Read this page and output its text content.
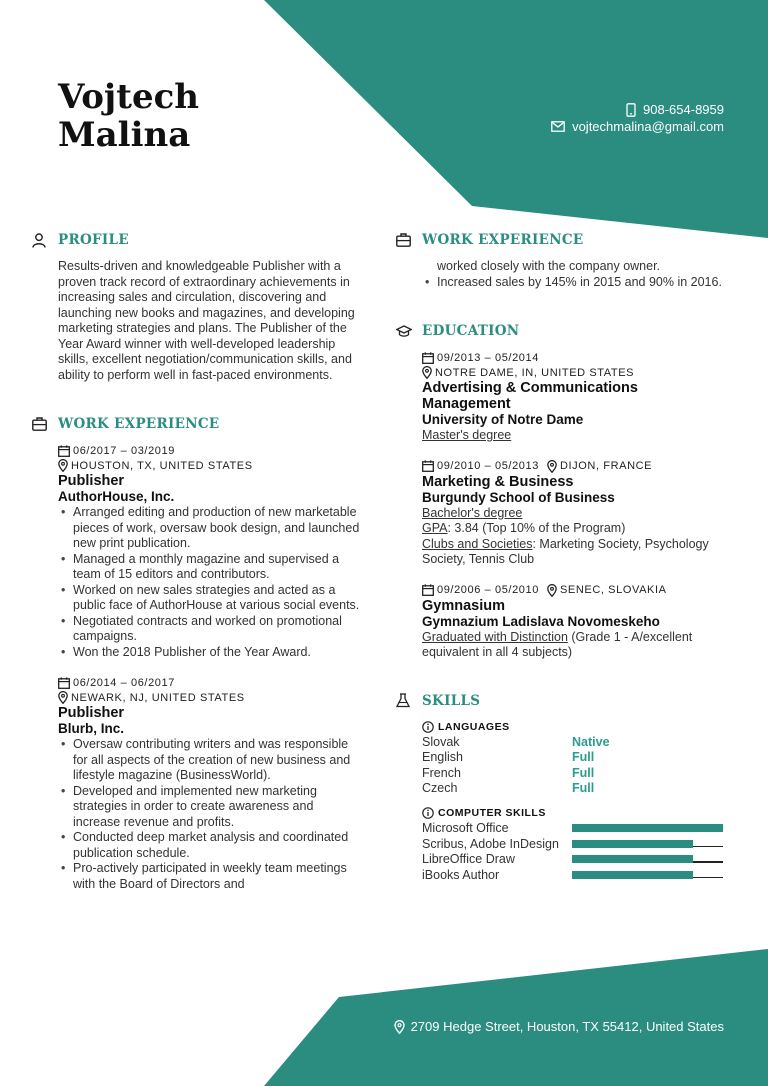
Vojtech
Malina
908-654-8959
vojtechmalina@gmail.com
PROFILE
Results-driven and knowledgeable Publisher with a proven track record of extraordinary achievements in increasing sales and circulation, discovering and launching new books and magazines, and developing marketing strategies and plans. The Publisher of the Year Award winner with well-developed leadership skills, excellent negotiation/communication skills, and ability to perform well in fast-paced environments.
WORK EXPERIENCE
06/2017 – 03/2019
HOUSTON, TX, UNITED STATES
Publisher
AuthorHouse, Inc.
• Arranged editing and production of new marketable pieces of work, oversaw book design, and launched new print publication.
• Managed a monthly magazine and supervised a team of 15 editors and contributors.
• Worked on new sales strategies and acted as a public face of AuthorHouse at various social events.
• Negotiated contracts and worked on promotional campaigns.
• Won the 2018 Publisher of the Year Award.
06/2014 – 06/2017
NEWARK, NJ, UNITED STATES
Publisher
Blurb, Inc.
• Oversaw contributing writers and was responsible for all aspects of the creation of new business and lifestyle magazine (BusinessWorld).
• Developed and implemented new marketing strategies in order to create awareness and increase revenue and profits.
• Conducted deep market analysis and coordinated publication schedule.
• Pro-actively participated in weekly team meetings with the Board of Directors and
WORK EXPERIENCE
worked closely with the company owner.
• Increased sales by 145% in 2015 and 90% in 2016.
EDUCATION
09/2013 – 05/2014
NOTRE DAME, IN, UNITED STATES
Advertising & Communications Management
University of Notre Dame
Master's degree
09/2010 – 05/2013 DIJON, FRANCE
Marketing & Business
Burgundy School of Business
Bachelor's degree
GPA: 3.84 (Top 10% of the Program)
Clubs and Societies: Marketing Society, Psychology Society, Tennis Club
09/2006 – 05/2010 SENEC, SLOVAKIA
Gymnasium
Gymnazium Ladislava Novomeskeho
Graduated with Distinction (Grade 1 - A/excellent equivalent in all 4 subjects)
SKILLS
LANGUAGES
Slovak	Native
English	Full
French	Full
Czech	Full
COMPUTER SKILLS
Microsoft Office
Scribus, Adobe InDesign
LibreOffice Draw
iBooks Author
2709 Hedge Street, Houston, TX 55412, United States
